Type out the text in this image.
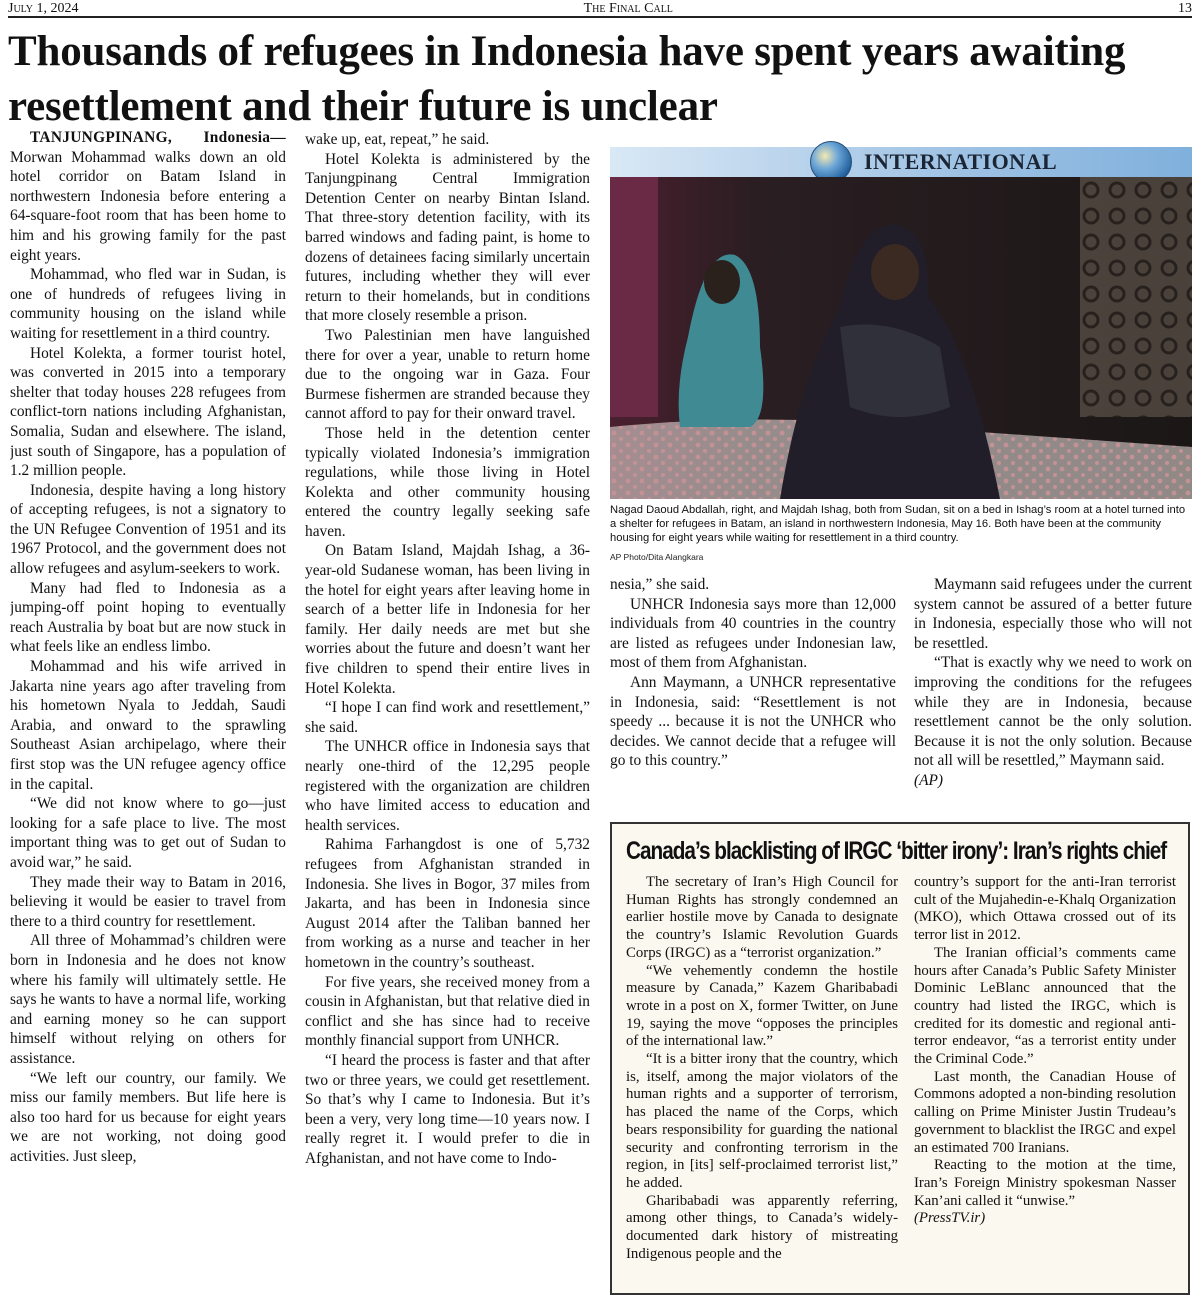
July 1, 2024	The Final Call	13
Thousands of refugees in Indonesia have spent years awaiting resettlement and their future is unclear

TANJUNGPINANG, Indonesia—Morwan Mohammad walks down an old hotel corridor on Batam Island in northwestern Indonesia before entering a 64-square-foot room that has been home to him and his growing family for the past eight years.

Mohammad, who fled war in Sudan, is one of hundreds of refugees living in community housing on the island while waiting for resettlement in a third country.

Hotel Kolekta, a former tourist hotel, was converted in 2015 into a temporary shelter that today houses 228 refugees from conflict-torn nations including Afghanistan, Somalia, Sudan and elsewhere. The island, just south of Singapore, has a population of 1.2 million people.

Indonesia, despite having a long history of accepting refugees, is not a signatory to the UN Refugee Convention of 1951 and its 1967 Protocol, and the government does not allow refugees and asylum-seekers to work.

Many had fled to Indonesia as a jumping-off point hoping to eventually reach Australia by boat but are now stuck in what feels like an endless limbo.

Mohammad and his wife arrived in Jakarta nine years ago after traveling from his hometown Nyala to Jeddah, Saudi Arabia, and onward to the sprawling Southeast Asian archipelago, where their first stop was the UN refugee agency office in the capital.

“We did not know where to go—just looking for a safe place to live. The most important thing was to get out of Sudan to avoid war,” he said.

They made their way to Batam in 2016, believing it would be easier to travel from there to a third country for resettlement.

All three of Mohammad’s children were born in Indonesia and he does not know where his family will ultimately settle. He says he wants to have a normal life, working and earning money so he can support himself without relying on others for assistance.

“We left our country, our family. We miss our family members. But life here is also too hard for us because for eight years we are not working, not doing good activities. Just sleep,

wake up, eat, repeat,” he said.

Hotel Kolekta is administered by the Tanjungpinang Central Immigration Detention Center on nearby Bintan Island. That three-story detention facility, with its barred windows and fading paint, is home to dozens of detainees facing similarly uncertain futures, including whether they will ever return to their homelands, but in conditions that more closely resemble a prison.

Two Palestinian men have languished there for over a year, unable to return home due to the ongoing war in Gaza. Four Burmese fishermen are stranded because they cannot afford to pay for their onward travel.

Those held in the detention center typically violated Indonesia’s immigration regulations, while those living in Hotel Kolekta and other community housing entered the country legally seeking safe haven.

On Batam Island, Majdah Ishag, a 36-year-old Sudanese woman, has been living in the hotel for eight years after leaving home in search of a better life in Indonesia for her family. Her daily needs are met but she worries about the future and doesn’t want her five children to spend their entire lives in Hotel Kolekta.

“I hope I can find work and resettlement,” she said.

The UNHCR office in Indonesia says that nearly one-third of the 12,295 people registered with the organization are children who have limited access to education and health services.

Rahima Farhangdost is one of 5,732 refugees from Afghanistan stranded in Indonesia. She lives in Bogor, 37 miles from Jakarta, and has been in Indonesia since August 2014 after the Taliban banned her from working as a nurse and teacher in her hometown in the country’s southeast.

For five years, she received money from a cousin in Afghanistan, but that relative died in conflict and she has since had to receive monthly financial support from UNHCR.

“I heard the process is faster and that after two or three years, we could get resettlement. So that’s why I came to Indonesia. But it’s been a very, very long time—10 years now. I really regret it. I would prefer to die in Afghanistan, and not have come to Indo-

INTERNATIONAL
Nagad Daoud Abdallah, right, and Majdah Ishag, both from Sudan, sit on a bed in Ishag’s room at a hotel turned into a shelter for refugees in Batam, an island in northwestern Indonesia, May 16. Both have been at the community housing for eight years while waiting for resettlement in a third country.
AP Photo/Dita Alangkara

nesia,” she said.

UNHCR Indonesia says more than 12,000 individuals from 40 countries in the country are listed as refugees under Indonesian law, most of them from Afghanistan.

Ann Maymann, a UNHCR representative in Indonesia, said: “Resettlement is not speedy ... because it is not the UNHCR who decides. We cannot decide that a refugee will go to this country.”

Maymann said refugees under the current system cannot be assured of a better future in Indonesia, especially those who will not be resettled.

“That is exactly why we need to work on improving the conditions for the refugees while they are in Indonesia, because resettlement cannot be the only solution. Because it is not the only solution. Because not all will be resettled,” Maymann said.

(AP)

Canada’s blacklisting of IRGC ‘bitter irony’: Iran’s rights chief

The secretary of Iran’s High Council for Human Rights has strongly condemned an earlier hostile move by Canada to designate the country’s Islamic Revolution Guards Corps (IRGC) as a “terrorist organization.”

“We vehemently condemn the hostile measure by Canada,” Kazem Gharibabadi wrote in a post on X, former Twitter, on June 19, saying the move “opposes the principles of the international law.”

“It is a bitter irony that the country, which is, itself, among the major violators of the human rights and a supporter of terrorism, has placed the name of the Corps, which bears responsibility for guarding the national security and confronting terrorism in the region, in [its] self-proclaimed terrorist list,” he added.

Gharibabadi was apparently referring, among other things, to Canada’s widely-documented dark history of mistreating Indigenous people and the

country’s support for the anti-Iran terrorist cult of the Mujahedin-e-Khalq Organization (MKO), which Ottawa crossed out of its terror list in 2012.

The Iranian official’s comments came hours after Canada’s Public Safety Minister Dominic LeBlanc announced that the country had listed the IRGC, which is credited for its domestic and regional anti-terror endeavor, “as a terrorist entity under the Criminal Code.”

Last month, the Canadian House of Commons adopted a non-binding resolution calling on Prime Minister Justin Trudeau’s government to blacklist the IRGC and expel an estimated 700 Iranians.

Reacting to the motion at the time, Iran’s Foreign Ministry spokesman Nasser Kan’ani called it “unwise.”

(PressTV.ir)
